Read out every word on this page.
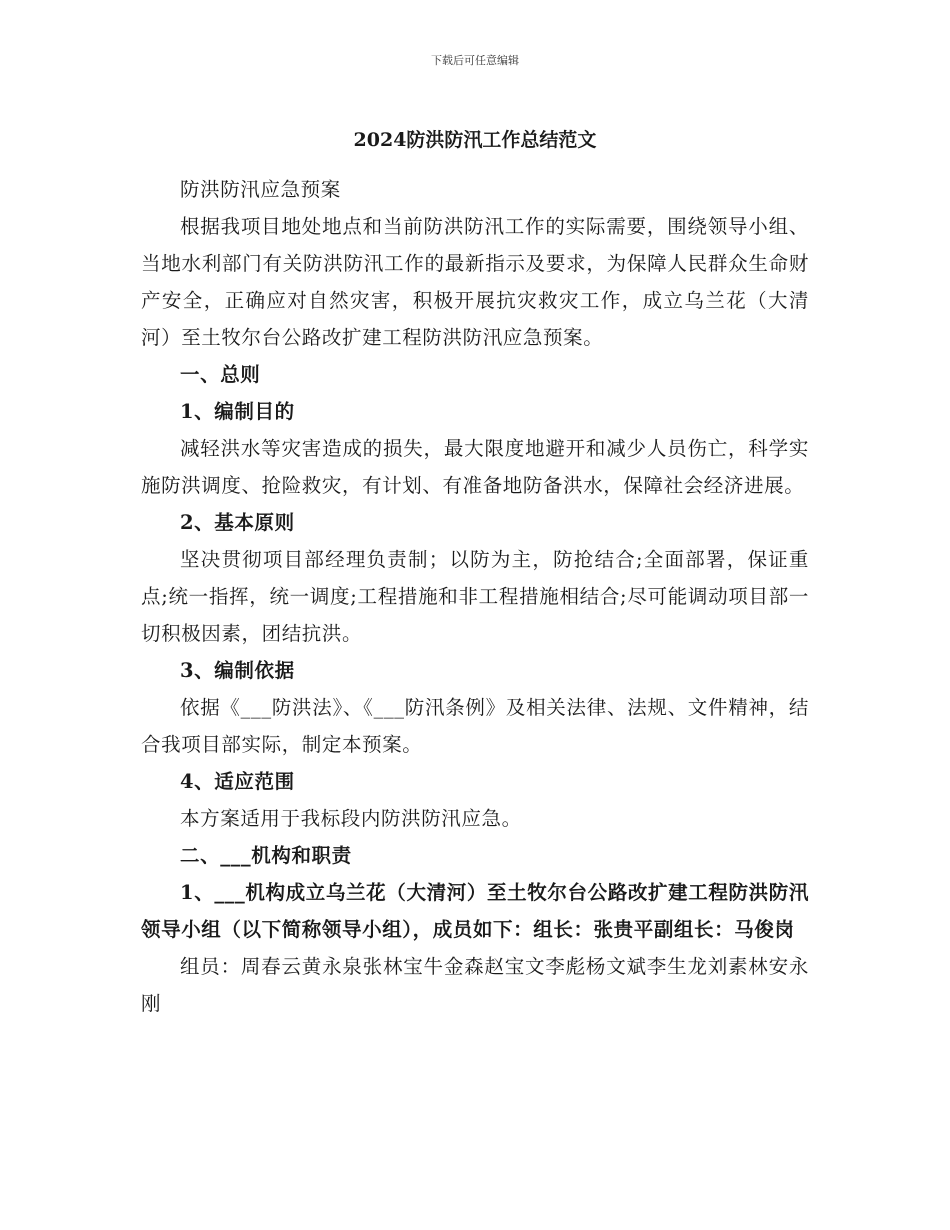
下载后可任意编辑
2024防洪防汛工作总结范文

防洪防汛应急预案

根据我项目地处地点和当前防洪防汛工作的实际需要，围绕领导小组、当地水利部门有关防洪防汛工作的最新指示及要求，为保障人民群众生命财产安全，正确应对自然灾害，积极开展抗灾救灾工作，成立乌兰花（大清河）至土牧尔台公路改扩建工程防洪防汛应急预案。

一、总则

1、编制目的

减轻洪水等灾害造成的损失，最大限度地避开和减少人员伤亡，科学实施防洪调度、抢险救灾，有计划、有准备地防备洪水，保障社会经济进展。

2、基本原则

坚决贯彻项目部经理负责制；以防为主，防抢结合;全面部署，保证重点;统一指挥，统一调度;工程措施和非工程措施相结合;尽可能调动项目部一切积极因素，团结抗洪。

3、编制依据

依据《___防洪法》、《___防汛条例》及相关法律、法规、文件精神，结合我项目部实际，制定本预案。

4、适应范围

本方案适用于我标段内防洪防汛应急。

二、___机构和职责

1、___机构成立乌兰花（大清河）至土牧尔台公路改扩建工程防洪防汛领导小组（以下简称领导小组），成员如下：组长：张贵平副组长：马俊岗

组员：周春云黄永泉张林宝牛金森赵宝文李彪杨文斌李生龙刘素林安永刚
